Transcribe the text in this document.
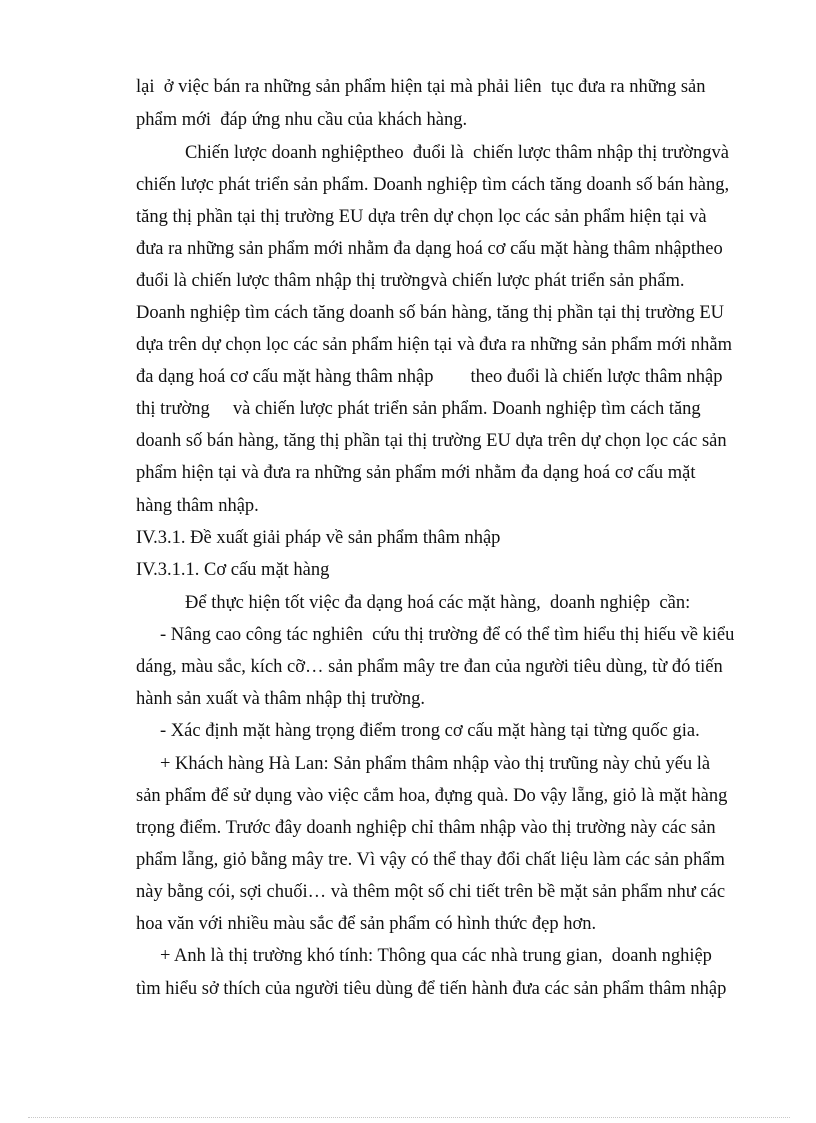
lại  ở việc bán ra những sản phẩm hiện tại mà phải liên  tục đưa ra những sản

phẩm mới  đáp ứng nhu cầu của khách hàng.

Chiến lược doanh nghiệptheo  đuổi là  chiến lược thâm nhập thị trườngvà

chiến lược phát triển sản phẩm. Doanh nghiệp tìm cách tăng doanh số bán hàng,

tăng thị phần tại thị trường EU dựa trên dự chọn lọc các sản phẩm hiện tại và

đưa ra những sản phẩm mới nhằm đa dạng hoá cơ cấu mặt hàng thâm nhậptheo

đuổi là chiến lược thâm nhập thị trườngvà chiến lược phát triển sản phẩm.

Doanh nghiệp tìm cách tăng doanh số bán hàng, tăng thị phần tại thị trường EU

dựa trên dự chọn lọc các sản phẩm hiện tại và đưa ra những sản phẩm mới nhằm

đa dạng hoá cơ cấu mặt hàng thâm nhập        theo đuổi là chiến lược thâm nhập

thị trường     và chiến lược phát triển sản phẩm. Doanh nghiệp tìm cách tăng

doanh số bán hàng, tăng thị phần tại thị trường EU dựa trên dự chọn lọc các sản

phẩm hiện tại và đưa ra những sản phẩm mới nhằm đa dạng hoá cơ cấu mặt

hàng thâm nhập.

IV.3.1. Đề xuất giải pháp về sản phẩm thâm nhập

IV.3.1.1. Cơ cấu mặt hàng

Để thực hiện tốt việc đa dạng hoá các mặt hàng,  doanh nghiệp  cần:

- Nâng cao công tác nghiên  cứu thị trường để có thể tìm hiểu thị hiếu về kiểu

dáng, màu sắc, kích cỡ… sản phẩm mây tre đan của người tiêu dùng, từ đó tiến

hành sản xuất và thâm nhập thị trường.

- Xác định mặt hàng trọng điểm trong cơ cấu mặt hàng tại từng quốc gia.

+ Khách hàng Hà Lan: Sản phẩm thâm nhập vào thị trưũng này chủ yếu là

sản phẩm để sử dụng vào việc cắm hoa, đựng quà. Do vậy lẵng, giỏ là mặt hàng

trọng điểm. Trước đây doanh nghiệp chỉ thâm nhập vào thị trường này các sản

phẩm lẵng, giỏ bằng mây tre. Vì vậy có thể thay đổi chất liệu làm các sản phẩm

này bằng cói, sợi chuối… và thêm một số chi tiết trên bề mặt sản phẩm như các

hoa văn với nhiều màu sắc để sản phẩm có hình thức đẹp hơn.

+ Anh là thị trường khó tính: Thông qua các nhà trung gian,  doanh nghiệp

tìm hiểu sở thích của người tiêu dùng để tiến hành đưa các sản phẩm thâm nhập
